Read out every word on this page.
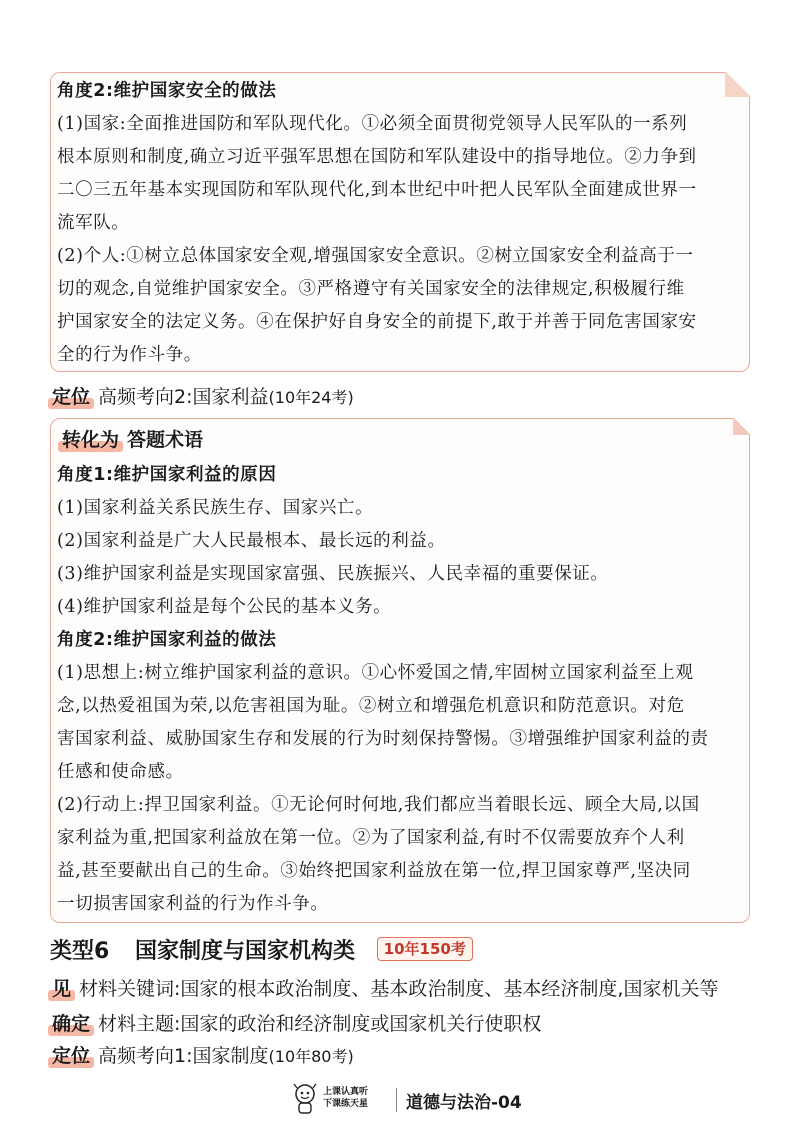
角度2:维护国家安全的做法
(1)国家:全面推进国防和军队现代化。①必须全面贯彻党领导人民军队的一系列
根本原则和制度,确立习近平强军思想在国防和军队建设中的指导地位。②力争到
二〇三五年基本实现国防和军队现代化,到本世纪中叶把人民军队全面建成世界一
流军队。
(2)个人:①树立总体国家安全观,增强国家安全意识。②树立国家安全利益高于一
切的观念,自觉维护国家安全。③严格遵守有关国家安全的法律规定,积极履行维
护国家安全的法定义务。④在保护好自身安全的前提下,敢于并善于同危害国家安
全的行为作斗争。
定位 高频考向2:国家利益(10年24考)
转化为 答题术语
角度1:维护国家利益的原因
(1)国家利益关系民族生存、国家兴亡。
(2)国家利益是广大人民最根本、最长远的利益。
(3)维护国家利益是实现国家富强、民族振兴、人民幸福的重要保证。
(4)维护国家利益是每个公民的基本义务。
角度2:维护国家利益的做法
(1)思想上:树立维护国家利益的意识。①心怀爱国之情,牢固树立国家利益至上观
念,以热爱祖国为荣,以危害祖国为耻。②树立和增强危机意识和防范意识。对危
害国家利益、威胁国家生存和发展的行为时刻保持警惕。③增强维护国家利益的责
任感和使命感。
(2)行动上:捍卫国家利益。①无论何时何地,我们都应当着眼长远、顾全大局,以国
家利益为重,把国家利益放在第一位。②为了国家利益,有时不仅需要放弃个人利
益,甚至要献出自己的生命。③始终把国家利益放在第一位,捍卫国家尊严,坚决同
一切损害国家利益的行为作斗争。
类型6 国家制度与国家机构类 10年150考
见 材料关键词:国家的根本政治制度、基本政治制度、基本经济制度,国家机关等
确定 材料主题:国家的政治和经济制度或国家机关行使职权
定位 高频考向1:国家制度(10年80考)
上课认真听
下课练天星 道德与法治-04
